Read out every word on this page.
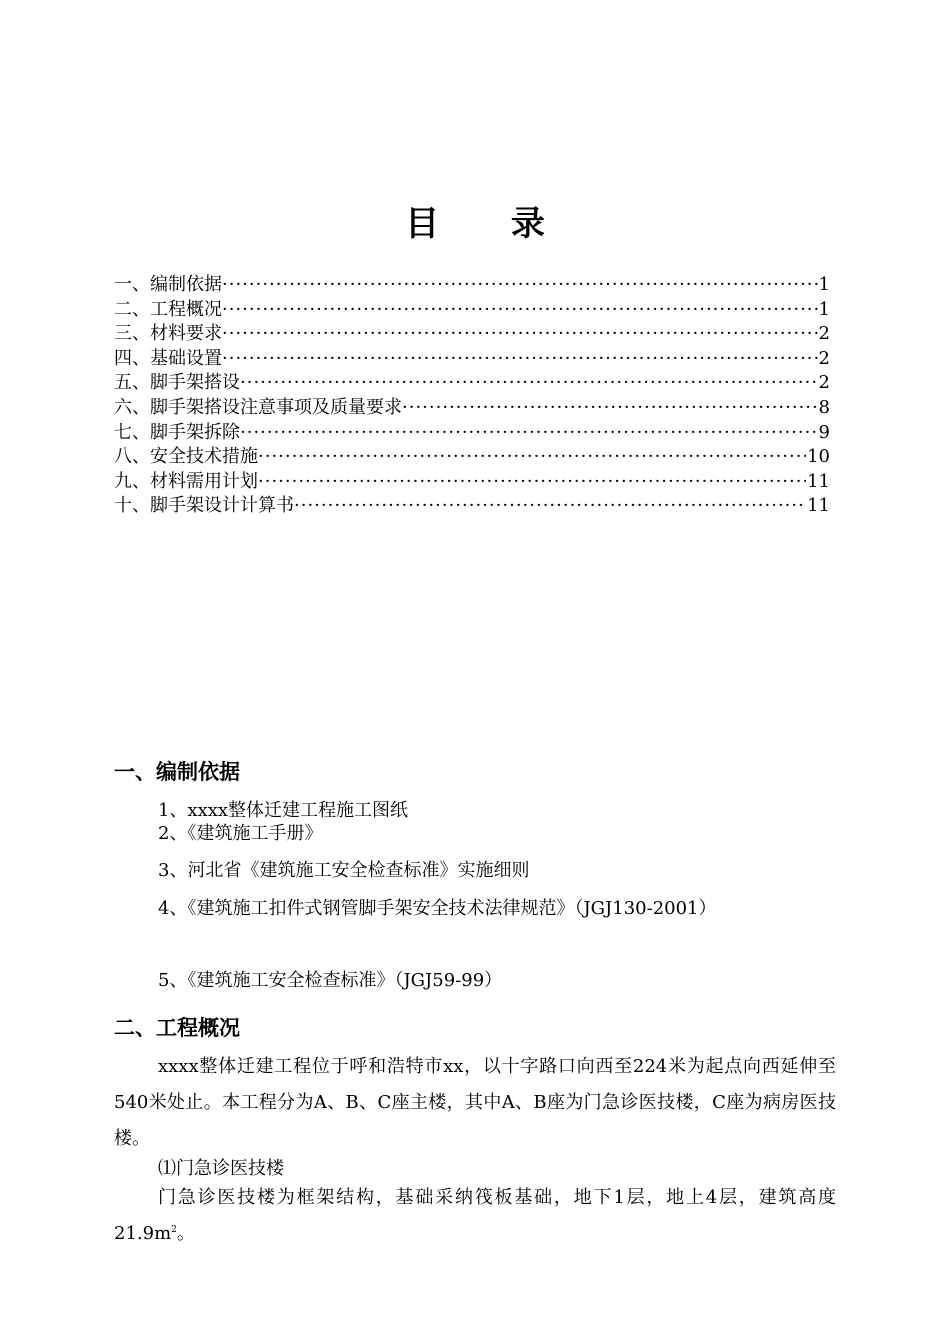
目 录
一、编制依据 ·····	1
二、工程概况 ·····	1
三、材料要求 ·····	2
四、基础设置 ·····	2
五、脚手架搭设 ·····	2
六、脚手架搭设注意事项及质量要求 ·····	8
七、脚手架拆除 ·····	9
八、安全技术措施 ·····	10
九、材料需用计划 ·····	11
十、脚手架设计计算书 ·····	11
一、编制依据

1、xxxx整体迁建工程施工图纸

2、《建筑施工手册》

3、河北省《建筑施工安全检查标准》实施细则

4、《建筑施工扣件式钢管脚手架安全技术法律规范》（JGJ130-2001）

5、《建筑施工安全检查标准》（JGJ59-99）

二、工程概况

xxxx整体迁建工程位于呼和浩特市xx，以十字路口向西至224米为起点向西延伸至540米处止。本工程分为A、B、C座主楼，其中A、B座为门急诊医技楼，C座为病房医技楼。

⑴门急诊医技楼

门急诊医技楼为框架结构，基础采纳筏板基础，地下1层，地上4层，建筑高度$21.9m^2$。
